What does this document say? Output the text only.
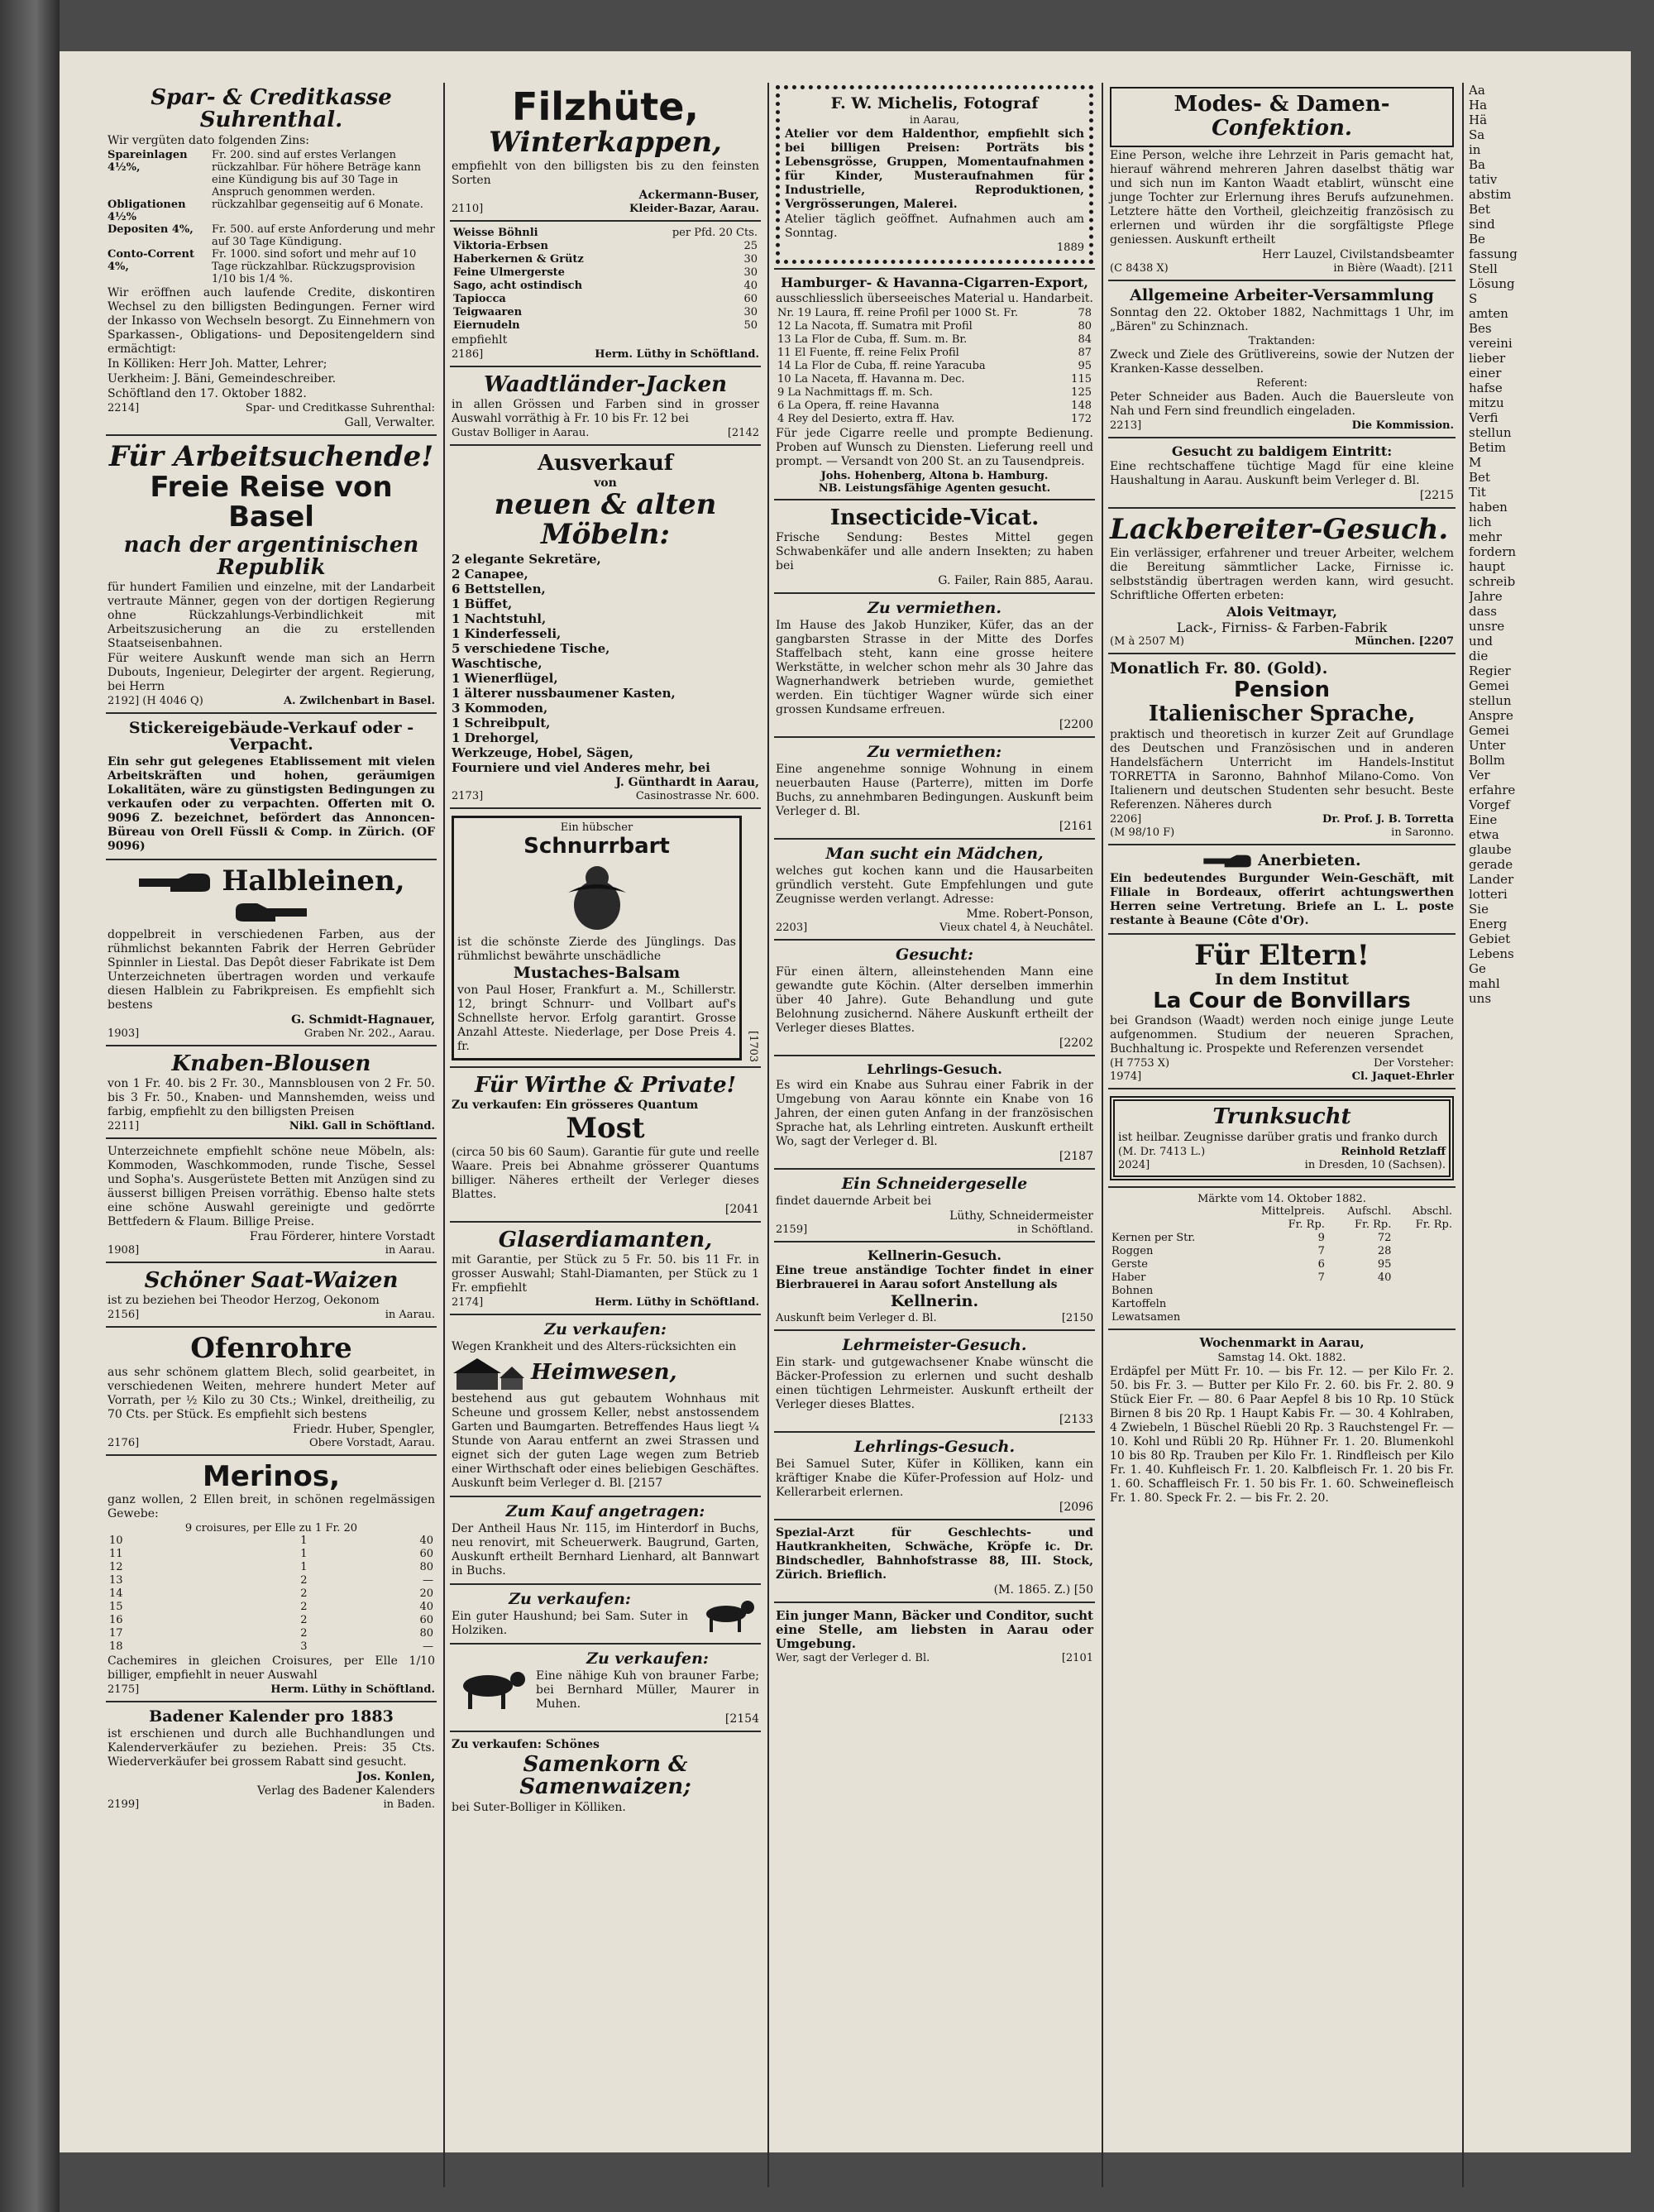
Spar- & Creditkasse Suhrenthal.

Wir vergüten dato folgenden Zins:

Spareinlagen 4½%,
Fr. 200. sind auf erstes Verlangen rückzahlbar. Für höhere Beträge kann eine Kündigung bis auf 30 Tage in Anspruch genommen werden.
Obligationen 4½%
rückzahlbar gegenseitig auf 6 Monate.
Depositen 4%,	Fr. 500. auf erste Anforderung und mehr auf 30 Tage Kündigung.
Conto-Corrent 4%,
Fr. 1000. sind sofort und mehr auf 10 Tage rückzahlbar. Rückzugsprovision 1/10 bis 1/4 %.

Wir eröffnen auch laufende Credite, diskontiren Wechsel zu den billigsten Bedingungen. Ferner wird der Inkasso von Wechseln besorgt. Zu Einnehmern von Sparkassen-, Obligations- und Depositengeldern sind ermächtigt:

In Kölliken: Herr Joh. Matter, Lehrer;

Uerkheim: J. Bäni, Gemeindeschreiber.

Schöftland den 17. Oktober 1882.

2214]	Spar- und Creditkasse Suhrenthal:
Gall, Verwalter.
Für Arbeitsuchende!
Freie Reise von Basel
nach der argentinischen Republik

für hundert Familien und einzelne, mit der Landarbeit vertraute Männer, gegen von der dortigen Regierung ohne Rückzahlungs-Verbindlichkeit mit Arbeitszusicherung an die zu erstellenden Staatseisenbahnen.

Für weitere Auskunft wende man sich an Herrn Dubouts, Ingenieur, Delegirter der argent. Regierung, bei Herrn

2192] (H 4046 Q)	A. Zwilchenbart in Basel.
Stickereigebäude-Verkauf oder -Verpacht.

Ein sehr gut gelegenes Etablissement mit vielen Arbeitskräften und hohen, geräumigen Lokalitäten, wäre zu günstigsten Bedingungen zu verkaufen oder zu verpachten. Offerten mit O. 9096 Z. bezeichnet, befördert das Annoncen-Büreau von Orell Füssli & Comp. in Zürich. (OF 9096)

Halbleinen,

doppelbreit in verschiedenen Farben, aus der rühmlichst bekannten Fabrik der Herren Gebrüder Spinnler in Liestal. Das Depôt dieser Fabrikate ist Dem Unterzeichneten übertragen worden und verkaufe diesen Halblein zu Fabrikpreisen. Es empfiehlt sich bestens

G. Schmidt-Hagnauer,
1903]	Graben Nr. 202., Aarau.
Knaben-Blousen

von 1 Fr. 40. bis 2 Fr. 30., Mannsblousen von 2 Fr. 50. bis 3 Fr. 50., Knaben- und Mannshemden, weiss und farbig, empfiehlt zu den billigsten Preisen

2211]	Nikl. Gall in Schöftland.

Unterzeichnete empfiehlt schöne neue Möbeln, als: Kommoden, Waschkommoden, runde Tische, Sessel und Sopha's. Ausgerüstete Betten mit Anzügen sind zu äusserst billigen Preisen vorräthig. Ebenso halte stets eine schöne Auswahl gereinigte und gedörrte Bettfedern & Flaum. Billige Preise.

Frau Förderer, hintere Vorstadt
1908]	in Aarau.
Schöner Saat-Waizen

ist zu beziehen bei Theodor Herzog, Oekonom

2156]	in Aarau.
Ofenrohre

aus sehr schönem glattem Blech, solid gearbeitet, in verschiedenen Weiten, mehrere hundert Meter auf Vorrath, per ½ Kilo zu 30 Cts.; Winkel, dreitheilig, zu 70 Cts. per Stück. Es empfiehlt sich bestens

Friedr. Huber, Spengler,
2176]	Obere Vorstadt, Aarau.
Merinos,

ganz wollen, 2 Ellen breit, in schönen regelmässigen Gewebe:

9 croisures, per Elle zu 1 Fr. 20
10	1	40
11	1	60
12	1	80
13	2	—
14	2	20
15	2	40
16	2	60
17	2	80
18	3	—

Cachemires in gleichen Croisures, per Elle 1/10 billiger, empfiehlt in neuer Auswahl

2175]	Herm. Lüthy in Schöftland.
Badener Kalender pro 1883

ist erschienen und durch alle Buchhandlungen und Kalenderverkäufer zu beziehen. Preis: 35 Cts. Wiederverkäufer bei grossem Rabatt sind gesucht.

Jos. Konlen,
Verlag des Badener Kalenders
2199]	in Baden.
Filzhüte,
Winterkappen,

empfiehlt von den billigsten bis zu den feinsten Sorten

Ackermann-Buser,
2110]	Kleider-Bazar, Aarau.
Weisse Böhnli	per Pfd. 20 Cts.
Viktoria-Erbsen	25
Haberkernen & Grütz	30
Feine Ulmergerste	30
Sago, acht ostindisch	40
Tapiocca	60
Teigwaaren	30
Eiernudeln	50

empfiehlt

2186]	Herm. Lüthy in Schöftland.
Waadtländer-Jacken

in allen Grössen und Farben sind in grosser Auswahl vorräthig à Fr. 10 bis Fr. 12 bei

Gustav Bolliger in Aarau.	[2142
Ausverkauf
von
neuen & alten Möbeln:
2 elegante Sekretäre,
2 Canapee,
6 Bettstellen,
1 Büffet,
1 Nachtstuhl,
1 Kinderfesseli,
5 verschiedene Tische,
Waschtische,
1 Wienerflügel,
1 älterer nussbaumener Kasten,
3 Kommoden,
1 Schreibpult,
1 Drehorgel,
Werkzeuge, Hobel, Sägen,
Fourniere und viel Anderes mehr, bei
J. Günthardt in Aarau,
2173]	Casinostrasse Nr. 600.
Ein hübscher
Schnurrbart

ist die schönste Zierde des Jünglings. Das rühmlichst bewährte unschädliche

Mustaches-Balsam

von Paul Hoser, Frankfurt a. M., Schillerstr. 12, bringt Schnurr- und Vollbart auf's Schnellste hervor. Erfolg garantirt. Grosse Anzahl Atteste. Niederlage, per Dose Preis 4. fr.	[1703
Für Wirthe & Private!

Zu verkaufen: Ein grösseres Quantum

Most

(circa 50 bis 60 Saum). Garantie für gute und reelle Waare. Preis bei Abnahme grösserer Quantums billiger. Näheres ertheilt der Verleger dieses Blattes.

[2041
Glaserdiamanten,

mit Garantie, per Stück zu 5 Fr. 50. bis 11 Fr. in grosser Auswahl; Stahl-Diamanten, per Stück zu 1 Fr. empfiehlt

2174]	Herm. Lüthy in Schöftland.
Zu verkaufen:

Wegen Krankheit und des Alters-rücksichten ein

Heimwesen,

bestehend aus gut gebautem Wohnhaus mit Scheune und grossem Keller, nebst anstossendem Garten und Baumgarten. Betreffendes Haus liegt ¼ Stunde von Aarau entfernt an zwei Strassen und eignet sich der guten Lage wegen zum Betrieb einer Wirthschaft oder eines beliebigen Geschäftes. Auskunft beim Verleger d. Bl. [2157

Zum Kauf angetragen:

Der Antheil Haus Nr. 115, im Hinterdorf in Buchs, neu renovirt, mit Scheuerwerk. Baugrund, Garten, Auskunft ertheilt Bernhard Lienhard, alt Bannwart in Buchs.

Zu verkaufen:

Ein guter Haushund; bei Sam. Suter in Holziken.

Zu verkaufen:

Eine nähige Kuh von brauner Farbe; bei Bernhard Müller, Maurer in Muhen.

[2154

Zu verkaufen: Schönes

Samenkorn & Samenwaizen;

bei Suter-Bolliger in Kölliken.

F. W. Michelis, Fotograf
in Aarau,

Atelier vor dem Haldenthor, empfiehlt sich bei billigen Preisen: Porträts bis Lebensgrösse, Gruppen, Momentaufnahmen für Kinder, Musteraufnahmen für Industrielle, Reproduktionen, Vergrösserungen, Malerei.

Atelier täglich geöffnet. Aufnahmen auch am Sonntag.

1889
Hamburger- & Havanna-Cigarren-Export,

ausschliesslich überseeisches Material u. Handarbeit.

Nr. 19 Laura, ff. reine Profil per 1000 St. Fr.	78
12 La Nacota, ff. Sumatra mit Profil	80
13 La Flor de Cuba, ff. Sum. m. Br.	84
11 El Fuente, ff. reine Felix Profil	87
14 La Flor de Cuba, ff. reine Yaracuba	95
10 La Naceta, ff. Havanna m. Dec.	115
9 La Nachmittags ff. m. Sch.	125
6 La Opera, ff. reine Havanna	148
4 Rey del Desierto, extra ff. Hav.	172

Für jede Cigarre reelle und prompte Bedienung. Proben auf Wunsch zu Diensten. Lieferung reell und prompt. — Versandt von 200 St. an zu Tausendpreis.

Johs. Hohenberg, Altona b. Hamburg.
NB. Leistungsfähige Agenten gesucht.
Insecticide-Vicat.

Frische Sendung: Bestes Mittel gegen Schwabenkäfer und alle andern Insekten; zu haben bei

G. Failer, Rain 885, Aarau.
Zu vermiethen.

Im Hause des Jakob Hunziker, Küfer, das an der gangbarsten Strasse in der Mitte des Dorfes Staffelbach steht, kann eine grosse heitere Werkstätte, in welcher schon mehr als 30 Jahre das Wagnerhandwerk betrieben wurde, gemiethet werden. Ein tüchtiger Wagner würde sich einer grossen Kundsame erfreuen.

[2200
Zu vermiethen:

Eine angenehme sonnige Wohnung in einem neuerbauten Hause (Parterre), mitten im Dorfe Buchs, zu annehmbaren Bedingungen. Auskunft beim Verleger d. Bl.

[2161
Man sucht ein Mädchen,

welches gut kochen kann und die Hausarbeiten gründlich versteht. Gute Empfehlungen und gute Zeugnisse werden verlangt. Adresse:

Mme. Robert-Ponson,
2203]	Vieux chatel 4, à Neuchâtel.
Gesucht:

Für einen ältern, alleinstehenden Mann eine gewandte gute Köchin. (Alter derselben immerhin über 40 Jahre). Gute Behandlung und gute Belohnung zusichernd. Nähere Auskunft ertheilt der Verleger dieses Blattes.

[2202
Lehrlings-Gesuch.

Es wird ein Knabe aus Suhrau einer Fabrik in der Umgebung von Aarau könnte ein Knabe von 16 Jahren, der einen guten Anfang in der französischen Sprache hat, als Lehrling eintreten. Auskunft ertheilt Wo, sagt der Verleger d. Bl.

[2187
Ein Schneidergeselle

findet dauernde Arbeit bei

Lüthy, Schneidermeister
2159]	in Schöftland.
Kellnerin-Gesuch.

Eine treue anständige Tochter findet in einer Bierbrauerei in Aarau sofort Anstellung als

Kellnerin.
Auskunft beim Verleger d. Bl.	[2150
Lehrmeister-Gesuch.

Ein stark- und gutgewachsener Knabe wünscht die Bäcker-Profession zu erlernen und sucht deshalb einen tüchtigen Lehrmeister. Auskunft ertheilt der Verleger dieses Blattes.

[2133
Lehrlings-Gesuch.

Bei Samuel Suter, Küfer in Kölliken, kann ein kräftiger Knabe die Küfer-Profession auf Holz- und Kellerarbeit erlernen.

[2096

Spezial-Arzt für Geschlechts- und Hautkrankheiten, Schwäche, Kröpfe ic. Dr. Bindschedler, Bahnhofstrasse 88, III. Stock, Zürich. Brieflich.

(M. 1865. Z.) [50

Ein junger Mann, Bäcker und Conditor, sucht eine Stelle, am liebsten in Aarau oder Umgebung.

Wer, sagt der Verleger d. Bl.	[2101
Modes- & Damen-
Confektion.

Eine Person, welche ihre Lehrzeit in Paris gemacht hat, hierauf während mehreren Jahren daselbst thätig war und sich nun im Kanton Waadt etablirt, wünscht eine junge Tochter zur Erlernung ihres Berufs aufzunehmen. Letztere hätte den Vortheil, gleichzeitig französisch zu erlernen und würden ihr die sorgfältigste Pflege geniessen. Auskunft ertheilt

Herr Lauzel, Civilstandsbeamter
(C 8438 X)	in Bière (Waadt). [211
Allgemeine Arbeiter-Versammlung

Sonntag den 22. Oktober 1882, Nachmittags 1 Uhr, im „Bären" zu Schinznach.

Traktanden:

Zweck und Ziele des Grütlivereins, sowie der Nutzen der Kranken-Kasse desselben.

Referent:

Peter Schneider aus Baden. Auch die Bauersleute von Nah und Fern sind freundlich eingeladen.

2213]	Die Kommission.
Gesucht zu baldigem Eintritt:

Eine rechtschaffene tüchtige Magd für eine kleine Haushaltung in Aarau. Auskunft beim Verleger d. Bl.

[2215
Lackbereiter-Gesuch.

Ein verlässiger, erfahrener und treuer Arbeiter, welchem die Bereitung sämmtlicher Lacke, Firnisse ic. selbstständig übertragen werden kann, wird gesucht. Schriftliche Offerten erbeten:

Alois Veitmayr,
Lack-, Firniss- & Farben-Fabrik
(M à 2507 M)	München. [2207
Monatlich Fr. 80. (Gold).
Pension
Italienischer Sprache,

praktisch und theoretisch in kurzer Zeit auf Grundlage des Deutschen und Französischen und in anderen Handelsfächern Unterricht im Handels-Institut TORRETTA in Saronno, Bahnhof Milano-Como. Von Italienern und deutschen Studenten sehr besucht. Beste Referenzen. Näheres durch

2206]	Dr. Prof. J. B. Torretta
(M 98/10 F)	in Saronno.
Anerbieten.

Ein bedeutendes Burgunder Wein-Geschäft, mit Filiale in Bordeaux, offerirt achtungswerthen Herren seine Vertretung. Briefe an L. L. poste restante à Beaune (Côte d'Or).

Für Eltern!
In dem Institut
La Cour de Bonvillars

bei Grandson (Waadt) werden noch einige junge Leute aufgenommen. Studium der neueren Sprachen, Buchhaltung ic. Prospekte und Referenzen versendet

(H 7753 X)	Der Vorsteher:
1974]	Cl. Jaquet-Ehrler
Trunksucht

ist heilbar. Zeugnisse darüber gratis und franko durch

(M. Dr. 7413 L.)	Reinhold Retzlaff
2024]	in Dresden, 10 (Sachsen).
Märkte vom 14. Oktober 1882.
	Mittelpreis.	Aufschl.	Abschl.
	Fr. Rp.	Fr. Rp.	Fr. Rp.
Kernen per Str.	9	72	
Roggen	7	28	
Gerste	6	95	
Haber	7	40	
Bohnen			
Kartoffeln			
Lewatsamen			
Wochenmarkt in Aarau,
Samstag 14. Okt. 1882.

Erdäpfel per Mütt Fr. 10. — bis Fr. 12. — per Kilo Fr. 2. 50. bis Fr. 3. — Butter per Kilo Fr. 2. 60. bis Fr. 2. 80. 9 Stück Eier Fr. — 80. 6 Paar Aepfel 8 bis 10 Rp. 10 Stück Birnen 8 bis 20 Rp. 1 Haupt Kabis Fr. — 30. 4 Kohlraben, 4 Zwiebeln, 1 Büschel Rüebli 20 Rp. 3 Rauchstengel Fr. — 10. Kohl und Rübli 20 Rp. Hühner Fr. 1. 20. Blumenkohl 10 bis 80 Rp. Trauben per Kilo Fr. 1. Rindfleisch per Kilo Fr. 1. 40. Kuhfleisch Fr. 1. 20. Kalbfleisch Fr. 1. 20 bis Fr. 1. 60. Schaffleisch Fr. 1. 50 bis Fr. 1. 60. Schweinefleisch Fr. 1. 80. Speck Fr. 2. — bis Fr. 2. 20.

Aa
Ha
Hä
Sa
in
Ba
tativ
abstim
Bet
sind
Be
fassung
Stell
Lösung
S
amten
Bes
vereini
lieber
einer
hafse
mitzu
Verfi
stellun
Betim
M
Bet
Tit
haben
lich
mehr
fordern
haupt
schreib
Jahre
dass
unsre
und
die
Regier
Gemei
stellun
Anspre
Gemei
Unter
Bollm
Ver
erfahre
Vorgef
Eine
etwa
glaube
gerade
Lander
lotteri
Sie
Energ
Gebiet
Lebens
Ge
mahl
uns
